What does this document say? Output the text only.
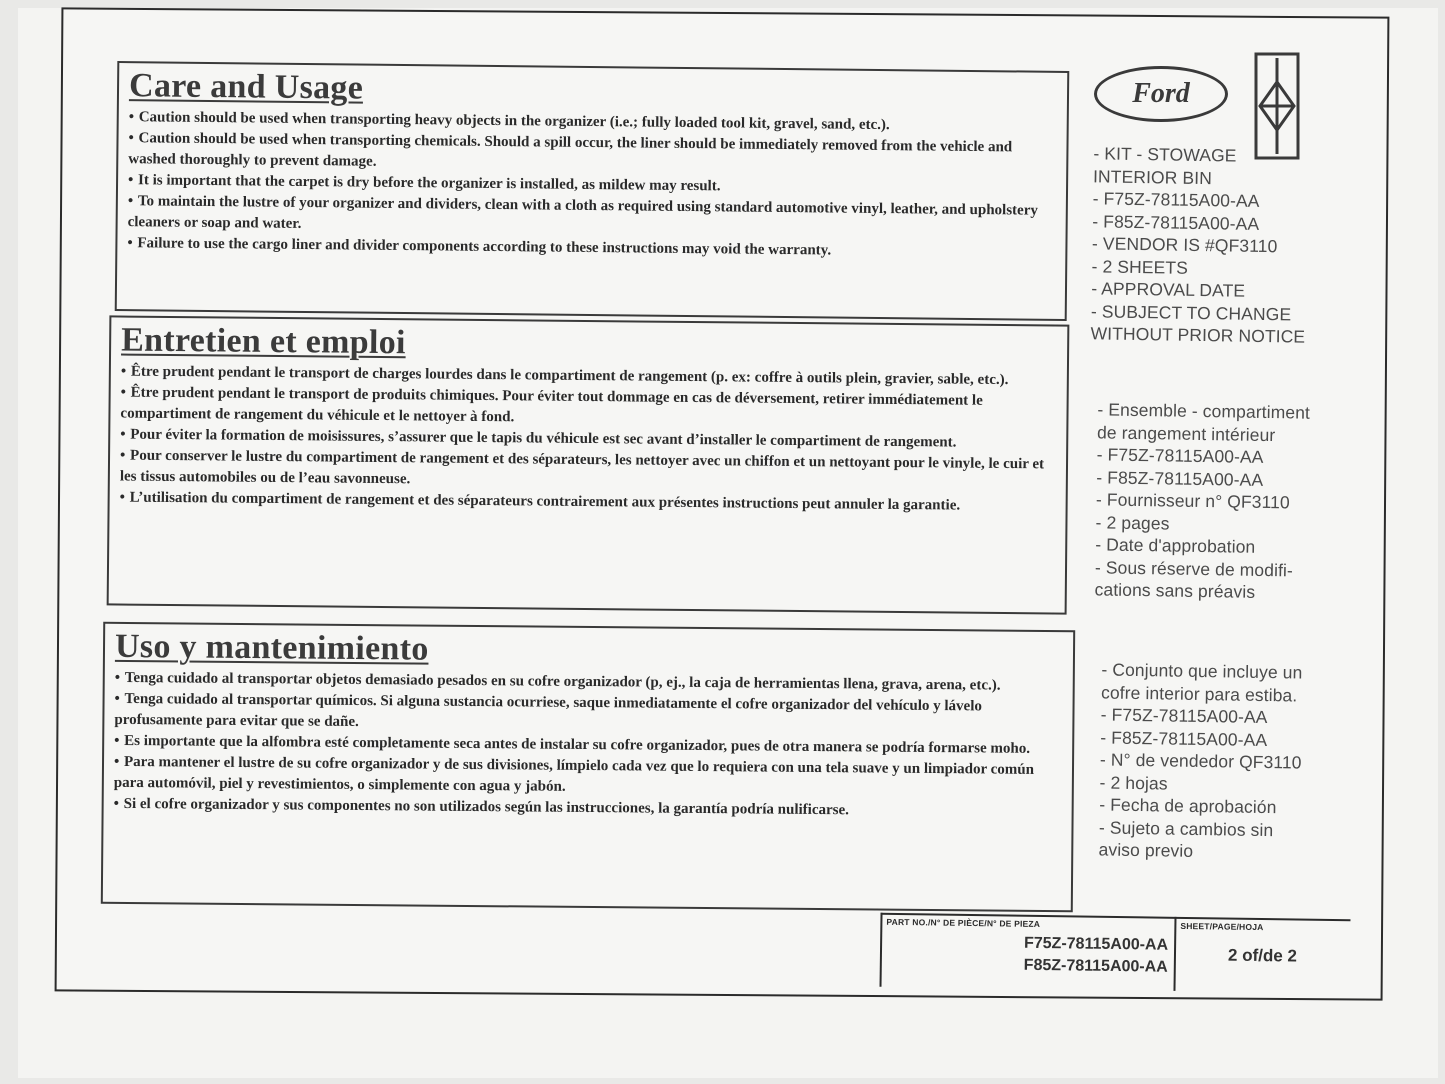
Care and Usage
• Caution should be used when transporting heavy objects in the organizer (i.e.; fully loaded tool kit, gravel, sand, etc.).
• Caution should be used when transporting chemicals. Should a spill occur, the liner should be immediately removed from the vehicle and washed thoroughly to prevent damage.
• It is important that the carpet is dry before the organizer is installed, as mildew may result.
• To maintain the lustre of your organizer and dividers, clean with a cloth as required using standard automotive vinyl, leather, and upholstery cleaners or soap and water.
• Failure to use the cargo liner and divider components according to these instructions may void the warranty.
Entretien et emploi
• Être prudent pendant le transport de charges lourdes dans le compartiment de rangement (p. ex: coffre à outils plein, gravier, sable, etc.).
• Être prudent pendant le transport de produits chimiques. Pour éviter tout dommage en cas de déversement, retirer immédiatement le compartiment de rangement du véhicule et le nettoyer à fond.
• Pour éviter la formation de moisissures, s’assurer que le tapis du véhicule est sec avant d’installer le compartiment de rangement.
• Pour conserver le lustre du compartiment de rangement et des séparateurs, les nettoyer avec un chiffon et un nettoyant pour le vinyle, le cuir et les tissus automobiles ou de l’eau savonneuse.
• L’utilisation du compartiment de rangement et des séparateurs contrairement aux présentes instructions peut annuler la garantie.
Uso y mantenimiento
• Tenga cuidado al transportar objetos demasiado pesados en su cofre organizador (p, ej., la caja de herramientas llena, grava, arena, etc.).
• Tenga cuidado al transportar químicos. Si alguna sustancia ocurriese, saque inmediatamente el cofre organizador del vehículo y lávelo profusamente para evitar que se dañe.
• Es importante que la alfombra esté completamente seca antes de instalar su cofre organizador, pues de otra manera se podría formarse moho.
• Para mantener el lustre de su cofre organizador y de sus divisiones, límpielo cada vez que lo requiera con una tela suave y un limpiador común para automóvil, piel y revestimientos, o simplemente con agua y jabón.
• Si el cofre organizador y sus componentes no son utilizados según las instrucciones, la garantía podría nulificarse.
Ford
- KIT - STOWAGE
INTERIOR BIN
- F75Z-78115A00-AA
- F85Z-78115A00-AA
- VENDOR IS #QF3110
- 2 SHEETS
- APPROVAL DATE
- SUBJECT TO CHANGE
WITHOUT PRIOR NOTICE
- Ensemble - compartiment
de rangement intérieur
- F75Z-78115A00-AA
- F85Z-78115A00-AA
- Fournisseur n° QF3110
- 2 pages
- Date d'approbation
- Sous réserve de modifi-
cations sans préavis
- Conjunto que incluye un
cofre interior para estiba.
- F75Z-78115A00-AA
- F85Z-78115A00-AA
- N° de vendedor QF3110
- 2 hojas
- Fecha de aprobación
- Sujeto a cambios sin
aviso previo
PART NO./N° DE PIÈCE/N° DE PIEZA
F75Z-78115A00-AA
F85Z-78115A00-AA
SHEET/PAGE/HOJA
2 of/de 2
